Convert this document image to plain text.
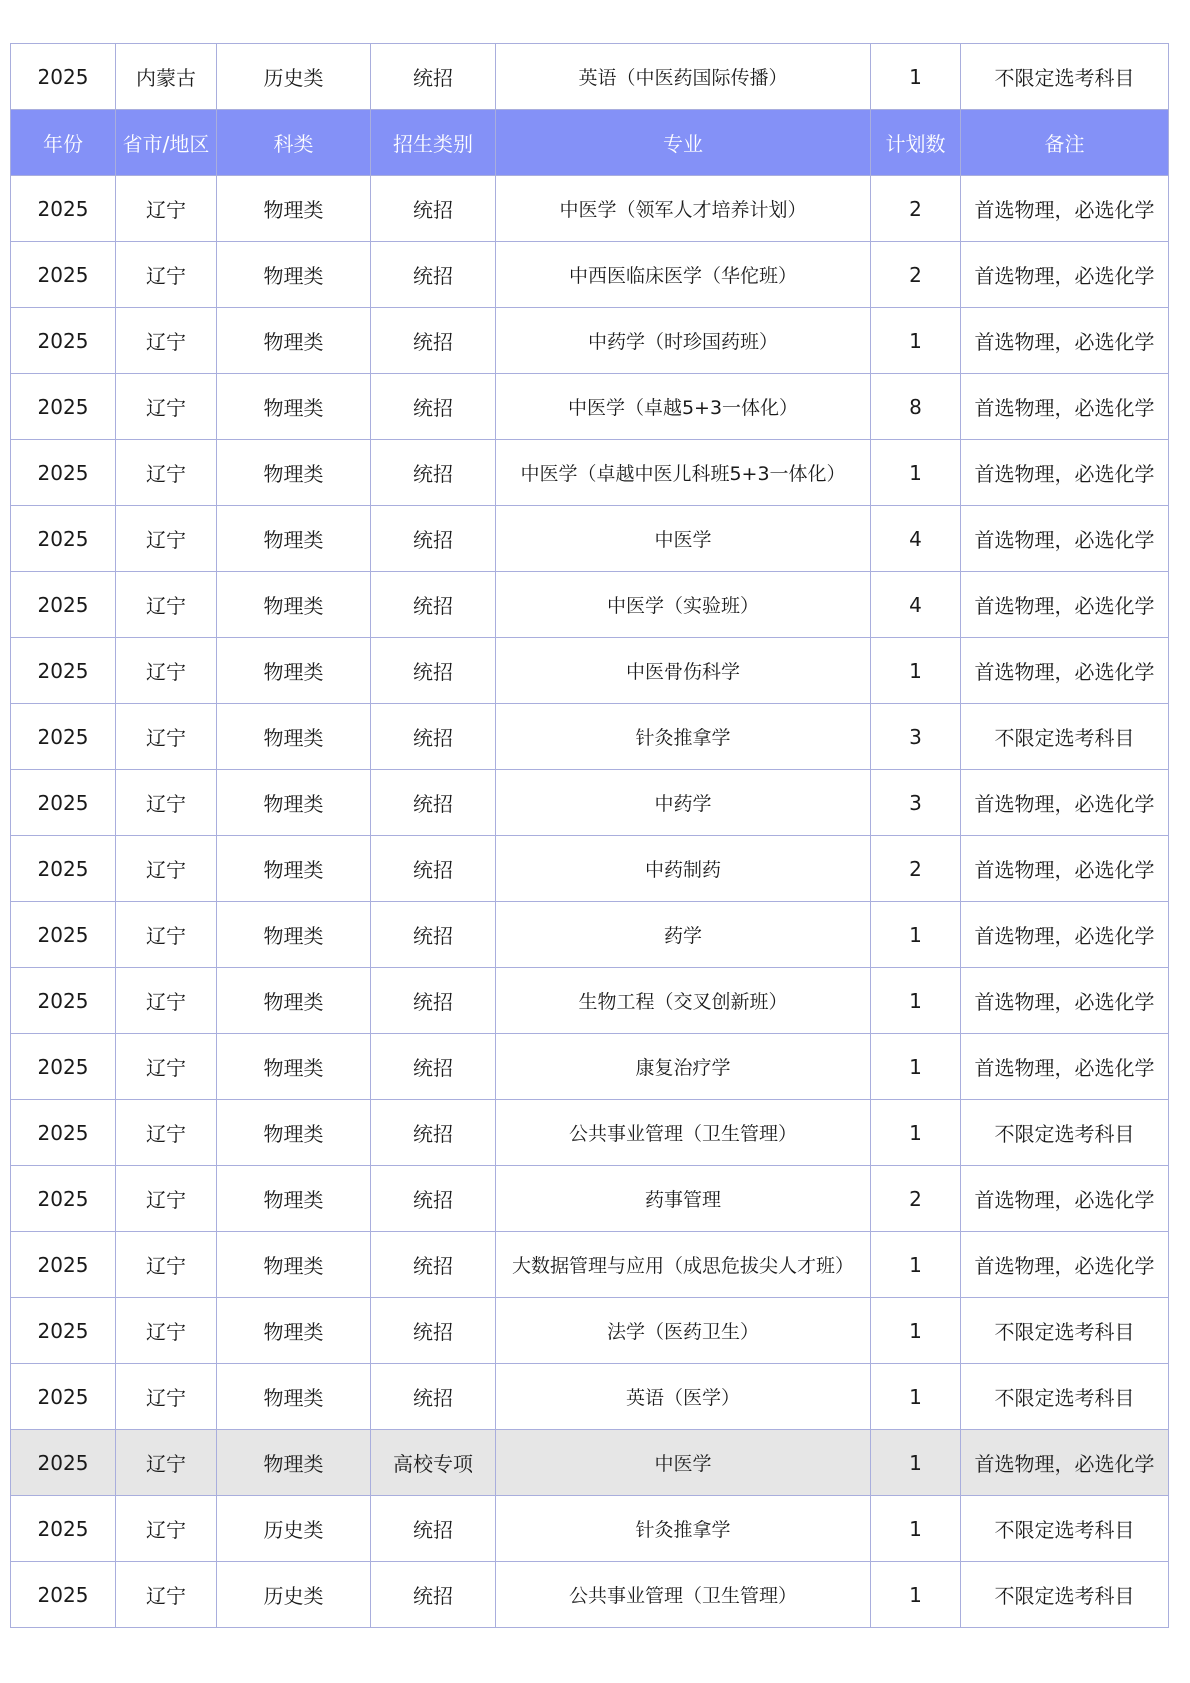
2025	内蒙古	历史类	统招	英语（中医药国际传播）	1	不限定选考科目
年份	省市/地区	科类	招生类别	专业	计划数	备注
2025	辽宁	物理类	统招	中医学（领军人才培养计划）	2	首选物理，必选化学
2025	辽宁	物理类	统招	中西医临床医学（华佗班）	2	首选物理，必选化学
2025	辽宁	物理类	统招	中药学（时珍国药班）	1	首选物理，必选化学
2025	辽宁	物理类	统招	中医学（卓越5+3一体化）	8	首选物理，必选化学
2025	辽宁	物理类	统招	中医学（卓越中医儿科班5+3一体化）	1	首选物理，必选化学
2025	辽宁	物理类	统招	中医学	4	首选物理，必选化学
2025	辽宁	物理类	统招	中医学（实验班）	4	首选物理，必选化学
2025	辽宁	物理类	统招	中医骨伤科学	1	首选物理，必选化学
2025	辽宁	物理类	统招	针灸推拿学	3	不限定选考科目
2025	辽宁	物理类	统招	中药学	3	首选物理，必选化学
2025	辽宁	物理类	统招	中药制药	2	首选物理，必选化学
2025	辽宁	物理类	统招	药学	1	首选物理，必选化学
2025	辽宁	物理类	统招	生物工程（交叉创新班）	1	首选物理，必选化学
2025	辽宁	物理类	统招	康复治疗学	1	首选物理，必选化学
2025	辽宁	物理类	统招	公共事业管理（卫生管理）	1	不限定选考科目
2025	辽宁	物理类	统招	药事管理	2	首选物理，必选化学
2025	辽宁	物理类	统招	大数据管理与应用（成思危拔尖人才班）	1	首选物理，必选化学
2025	辽宁	物理类	统招	法学（医药卫生）	1	不限定选考科目
2025	辽宁	物理类	统招	英语（医学）	1	不限定选考科目
2025	辽宁	物理类	高校专项	中医学	1	首选物理，必选化学
2025	辽宁	历史类	统招	针灸推拿学	1	不限定选考科目
2025	辽宁	历史类	统招	公共事业管理（卫生管理）	1	不限定选考科目
